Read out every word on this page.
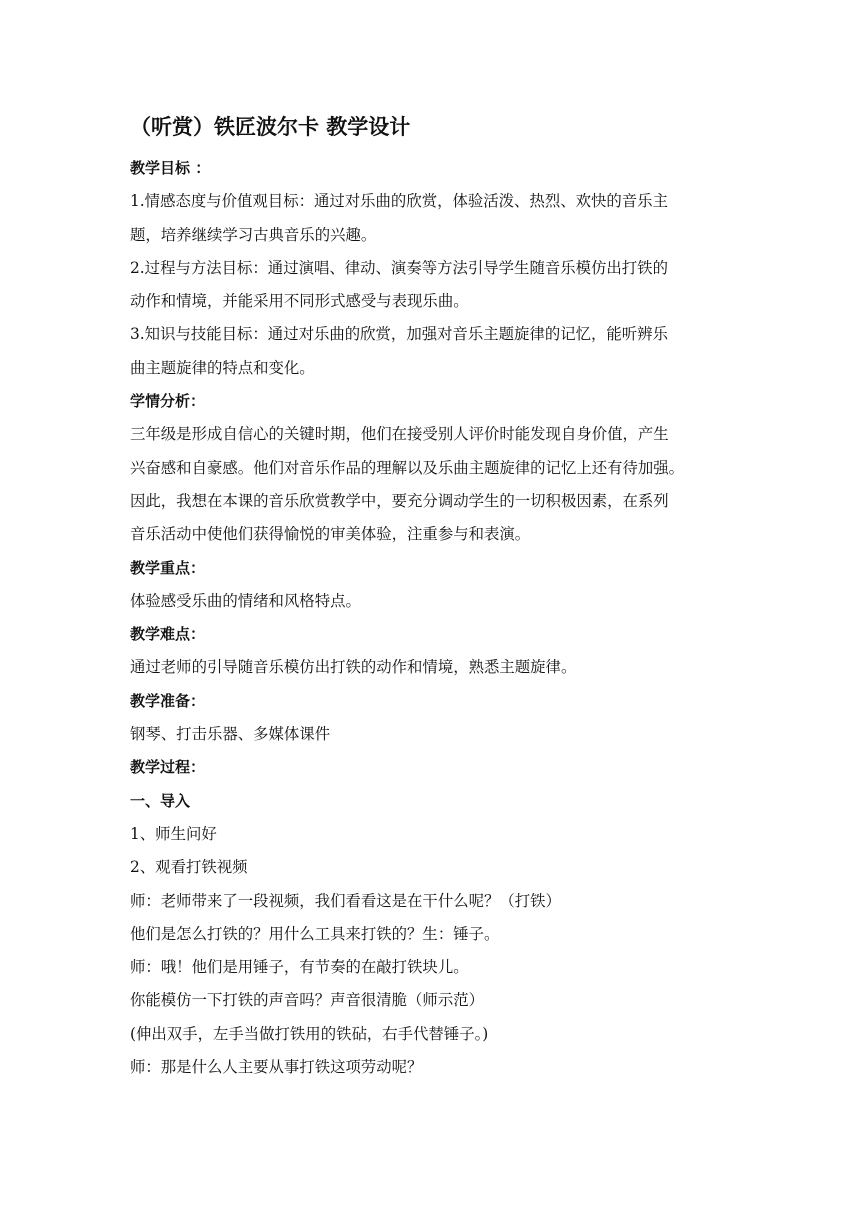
（听赏）铁匠波尔卡 教学设计

教学目标 ：

1.情感态度与价值观目标：通过对乐曲的欣赏，体验活泼、热烈、欢快的音乐主

题，培养继续学习古典音乐的兴趣。

2.过程与方法目标：通过演唱、律动、演奏等方法引导学生随音乐模仿出打铁的

动作和情境，并能采用不同形式感受与表现乐曲。

3.知识与技能目标：通过对乐曲的欣赏，加强对音乐主题旋律的记忆，能听辨乐

曲主题旋律的特点和变化。

学情分析：

三年级是形成自信心的关键时期，他们在接受别人评价时能发现自身价值，产生

兴奋感和自豪感。他们对音乐作品的理解以及乐曲主题旋律的记忆上还有待加强。

因此，我想在本课的音乐欣赏教学中，要充分调动学生的一切积极因素，在系列

音乐活动中使他们获得愉悦的审美体验，注重参与和表演。

教学重点：

体验感受乐曲的情绪和风格特点。

教学难点：

通过老师的引导随音乐模仿出打铁的动作和情境，熟悉主题旋律。

教学准备：

钢琴、打击乐器、多媒体课件

教学过程：

一、导入

1、师生问好

2、观看打铁视频

师：老师带来了一段视频，我们看看这是在干什么呢？（打铁）

他们是怎么打铁的？用什么工具来打铁的？生：锤子。

师：哦！他们是用锤子，有节奏的在敲打铁块儿。

你能模仿一下打铁的声音吗？声音很清脆（师示范）

(伸出双手，左手当做打铁用的铁砧，右手代替锤子。)

师：那是什么人主要从事打铁这项劳动呢？
